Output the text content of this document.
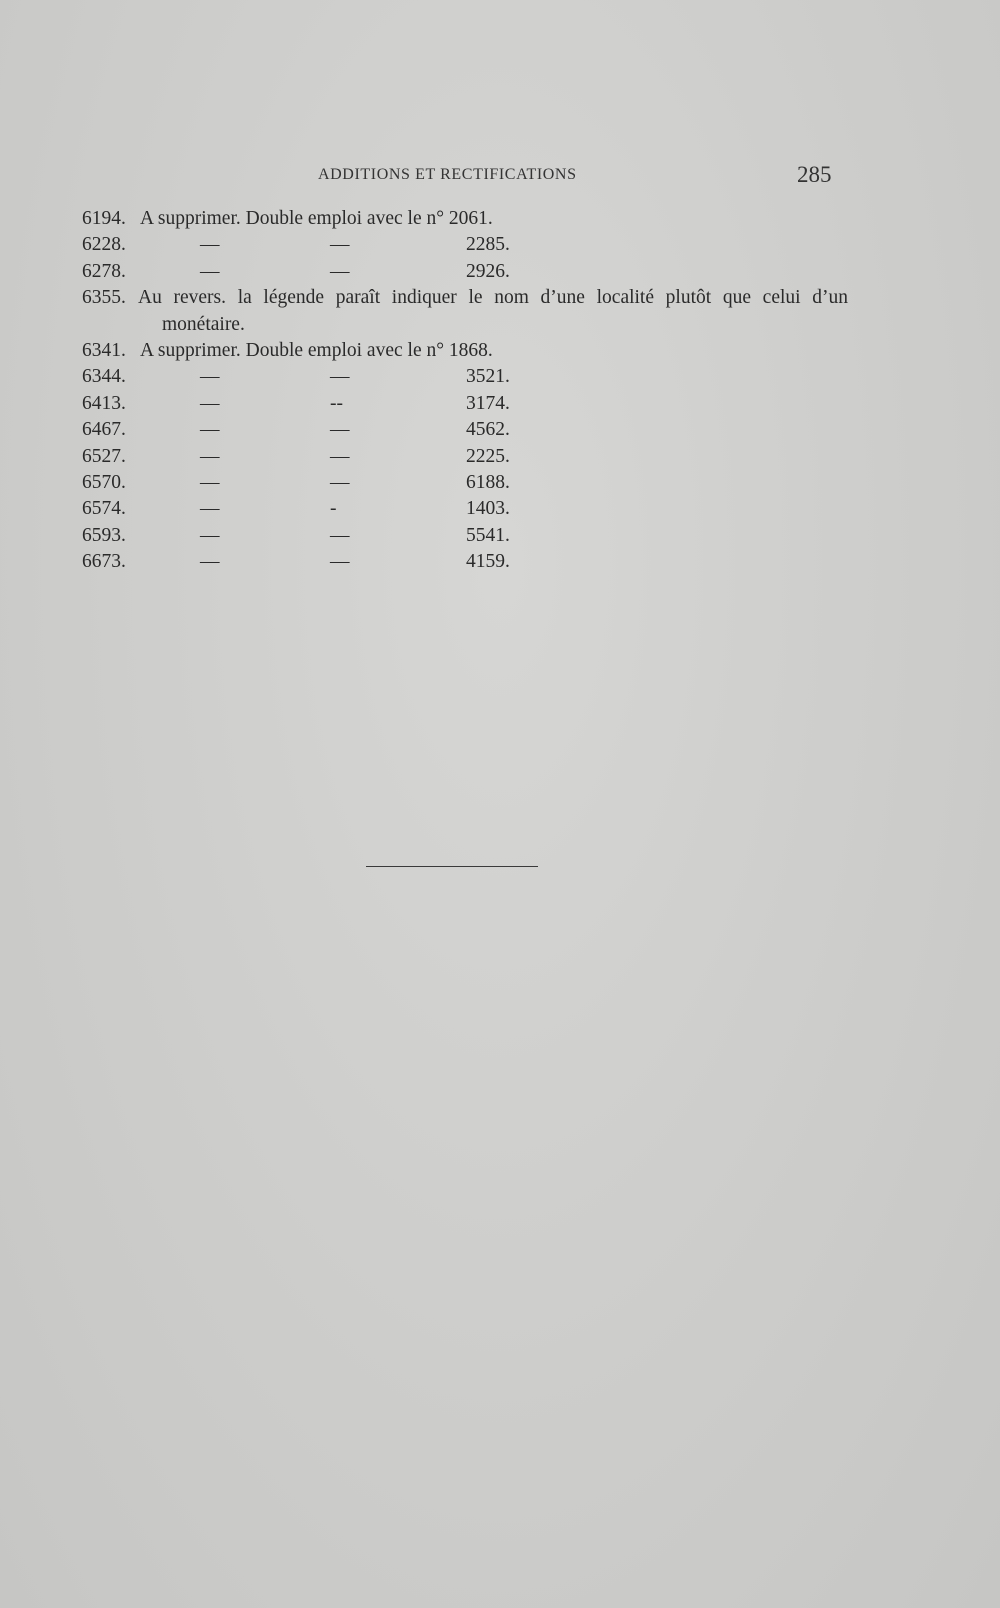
ADDITIONS ET RECTIFICATIONS	285
6194. A supprimer. Double emploi avec le n° 2061.
6228.	—	—	2285.
6278.	—	—	2926.
6355. Au revers. la légende paraît indiquer le nom d’une localité plutôt que celui d’un
monétaire.
6341. A supprimer. Double emploi avec le n° 1868.
6344.	—	—	3521.
6413.	—	--	3174.
6467.	—	—	4562.
6527.	—	—	2225.
6570.	—	—	6188.
6574.	—	-	1403.
6593.	—	—	5541.
6673.	—	—	4159.
